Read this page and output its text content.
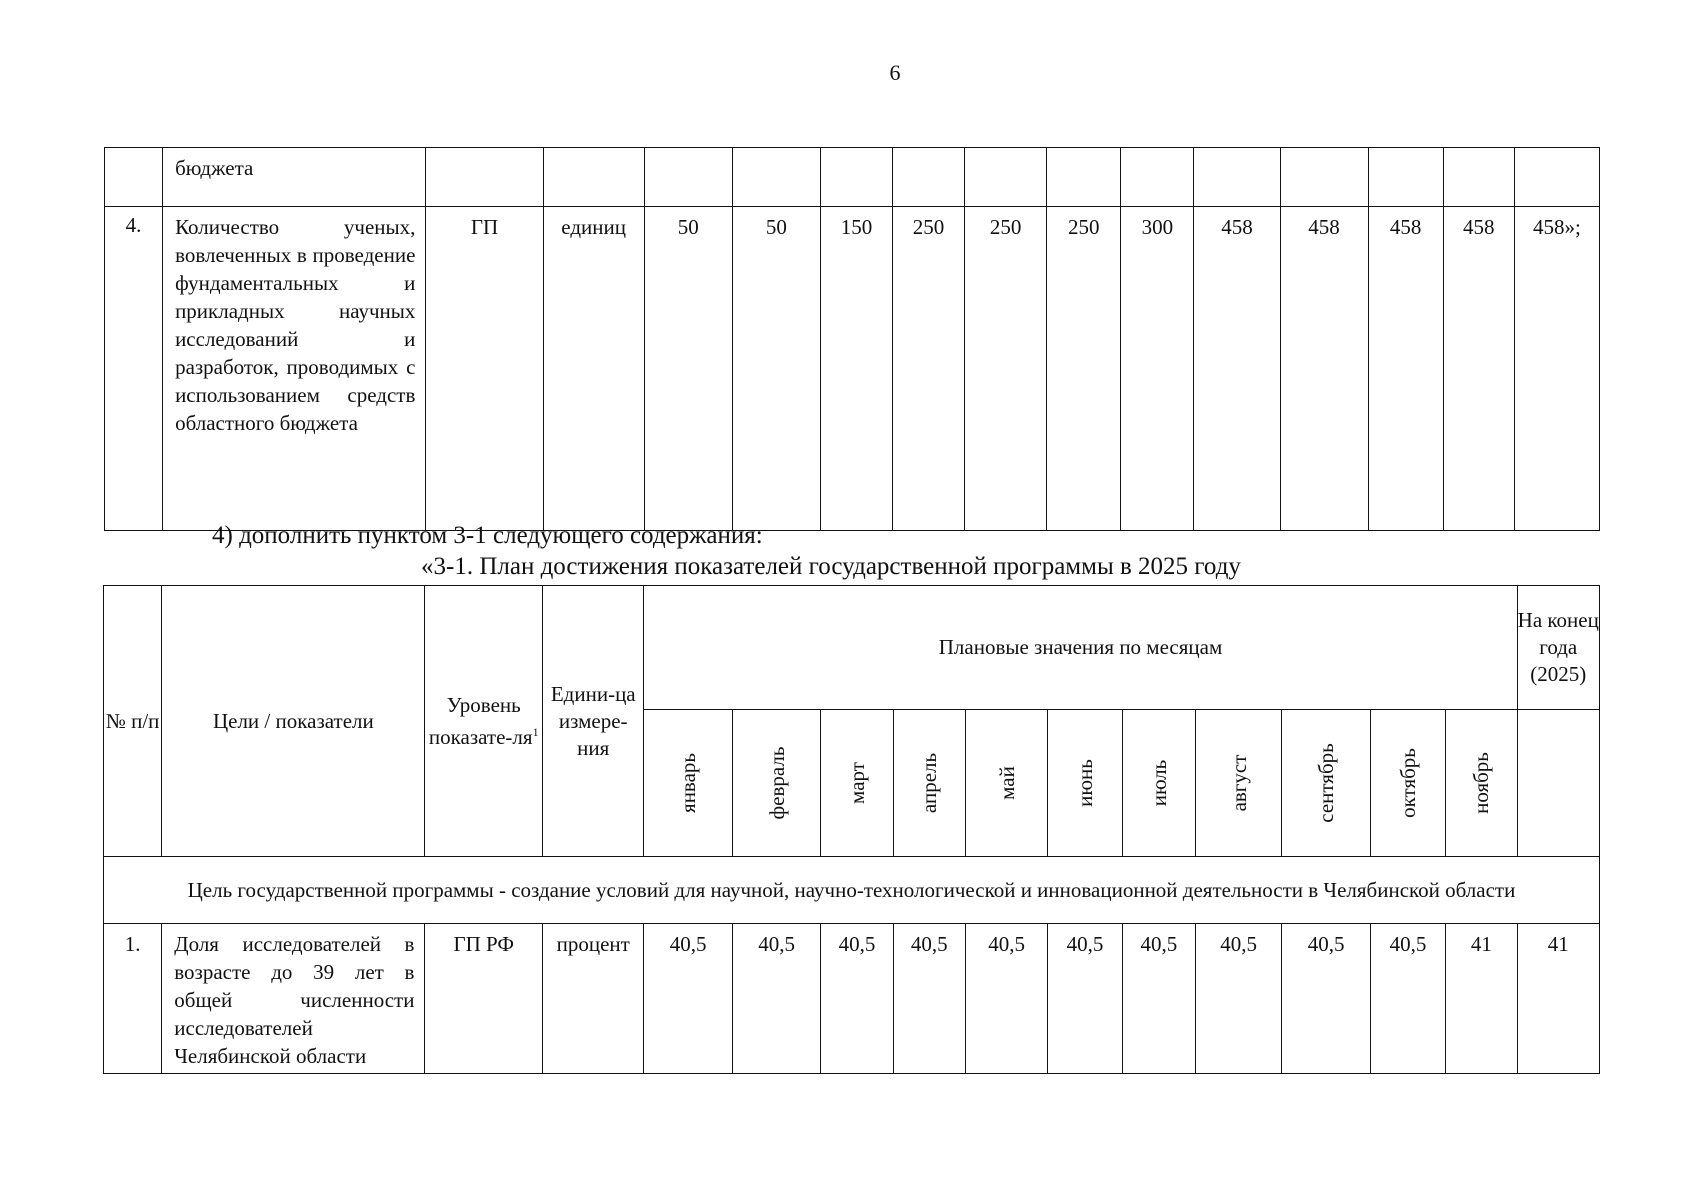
6
	бюджета														
4.	Количество ученых, вовлеченных в проведение фундаментальных и прикладных научных исследований и разработок, проводимых с использованием средств областного бюджета	ГП	единиц	50	50	150	250	250	250	300	458	458	458	458	458»;
4) дополнить пунктом 3-1 следующего содержания:
«3-1. План достижения показателей государственной программы в 2025 году
№ п/п	Цели / показатели	Уровень показате-$ля^1$	Едини-ца измере-ния	Плановые значения по месяцам											На конец года (2025)

				январь	февраль	март	апрель	май	июнь	июль	август	сентябрь	октябрь	ноябрь	

Цель государственной программы - создание условий для научной, научно-технологической и инновационной деятельности в Челябинской области															
1.	Доля исследователей в возрасте до 39 лет в общей численности исследователей Челябинской области	ГП РФ	процент	40,5	40,5	40,5	40,5	40,5	40,5	40,5	40,5	40,5	40,5	41	41
